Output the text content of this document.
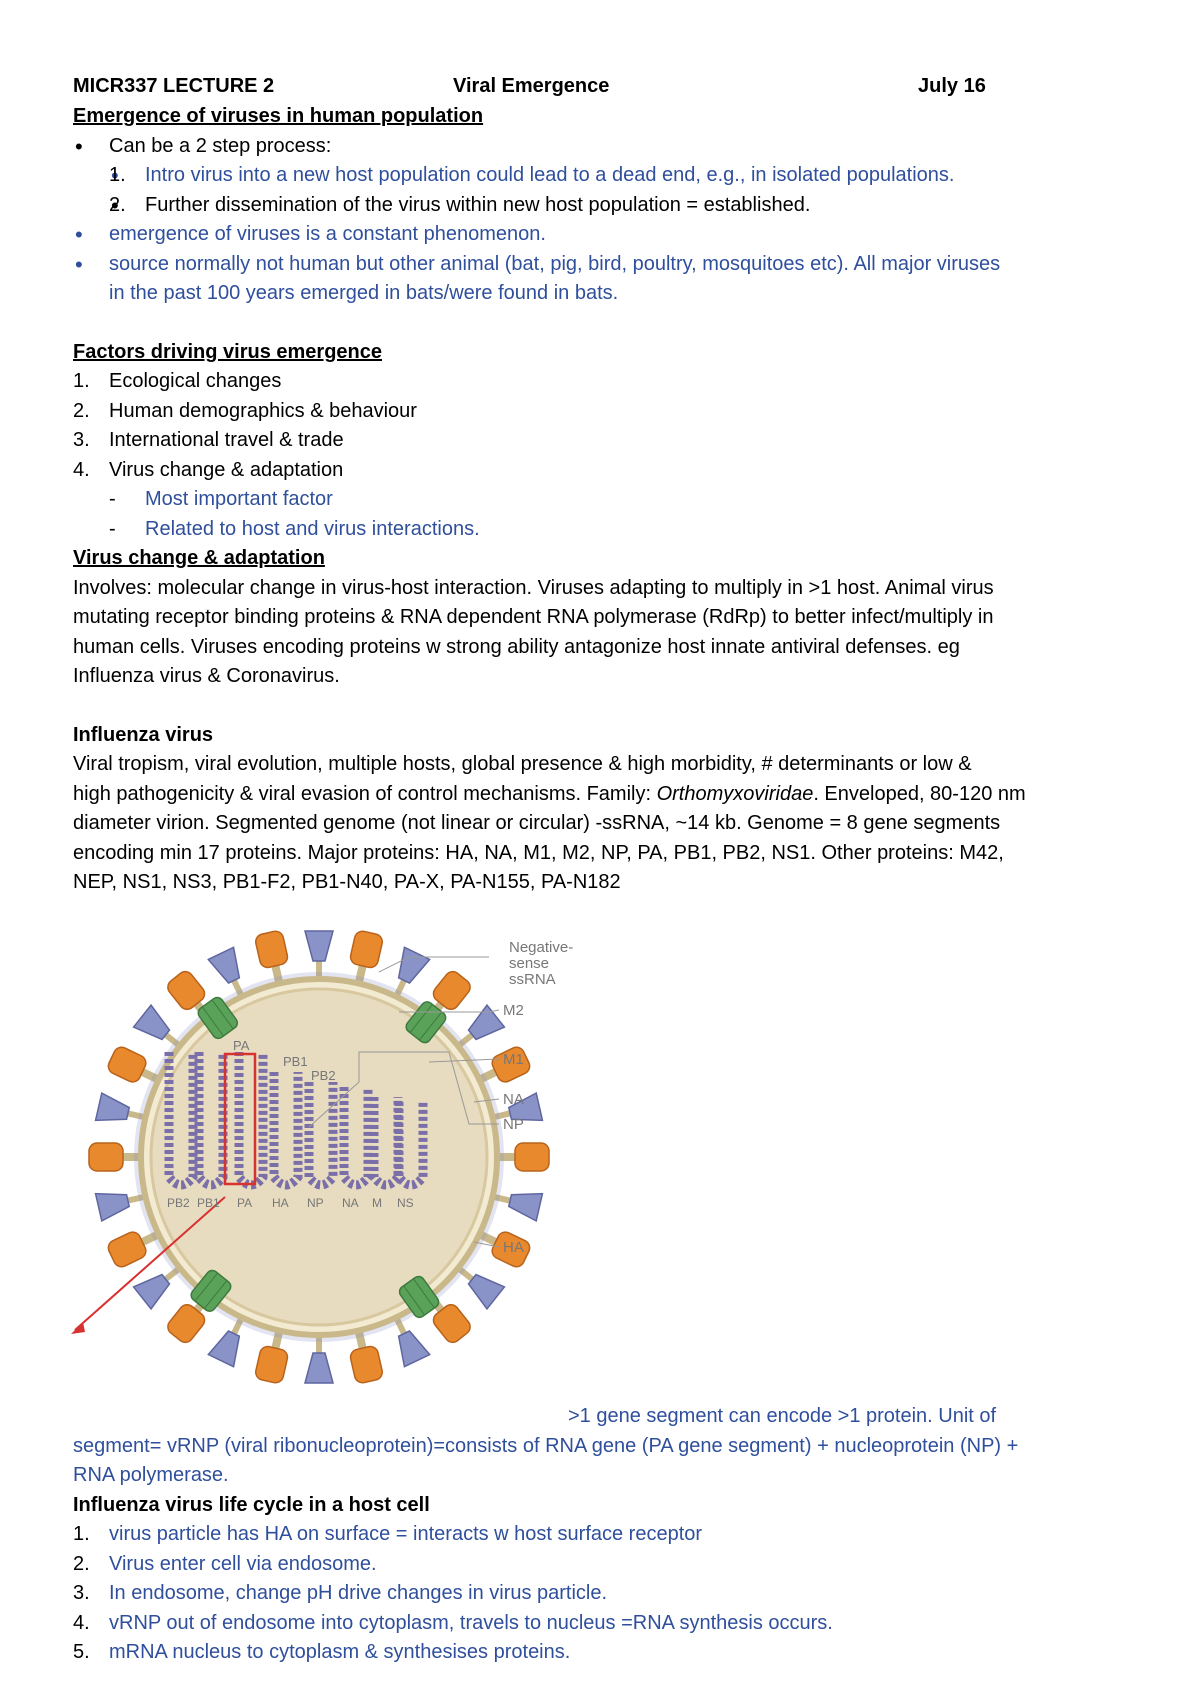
MICR337 LECTURE 2	Viral Emergence	July 16
Emergence of viruses in human population
• Can be a 2 step process:
• 1. Intro virus into a new host population could lead to a dead end, e.g., in isolated populations.
• 2. Further dissemination of the virus within new host population = established.
• emergence of viruses is a constant phenomenon.
• source normally not human but other animal (bat, pig, bird, poultry, mosquitoes etc). All major viruses
in the past 100 years emerged in bats/were found in bats.
Factors driving virus emergence
1. Ecological changes
2. Human demographics & behaviour
3. International travel & trade
4. Virus change & adaptation
- Most important factor
- Related to host and virus interactions.
Virus change & adaptation

Involves: molecular change in virus-host interaction. Viruses adapting to multiply in >1 host. Animal virus
mutating receptor binding proteins & RNA dependent RNA polymerase (RdRp) to better infect/multiply in
human cells. Viruses encoding proteins w strong ability antagonize host innate antiviral defenses. eg
Influenza virus & Coronavirus.

Influenza virus

Viral tropism, viral evolution, multiple hosts, global presence & high morbidity, # determinants or low &
high pathogenicity & viral evasion of control mechanisms. Family: Orthomyxoviridae. Enveloped, 80-120 nm
diameter virion. Segmented genome (not linear or circular) -ssRNA, ~14 kb. Genome = 8 gene segments
encoding min 17 proteins. Major proteins: HA, NA, M1, M2, NP, PA, PB1, PB2, NS1. Other proteins: M42,
NEP, NS1, NS3, PB1-F2, PB1-N40, PA-X, PA-N155, PA-N182

PA
PB1
PB2
PB2 PB1 PA HA NP NA M NS
Negative-
sense
ssRNA
M2
M1
NA
NP
HA
>1 gene segment can encode >1 protein. Unit of
segment= vRNP (viral ribonucleoprotein)=consists of RNA gene (PA gene segment) + nucleoprotein (NP) +
RNA polymerase.
Influenza virus life cycle in a host cell
1. virus particle has HA on surface = interacts w host surface receptor
2. Virus enter cell via endosome.
3. In endosome, change pH drive changes in virus particle.
4. vRNP out of endosome into cytoplasm, travels to nucleus =RNA synthesis occurs.
5. mRNA nucleus to cytoplasm & synthesises proteins.
